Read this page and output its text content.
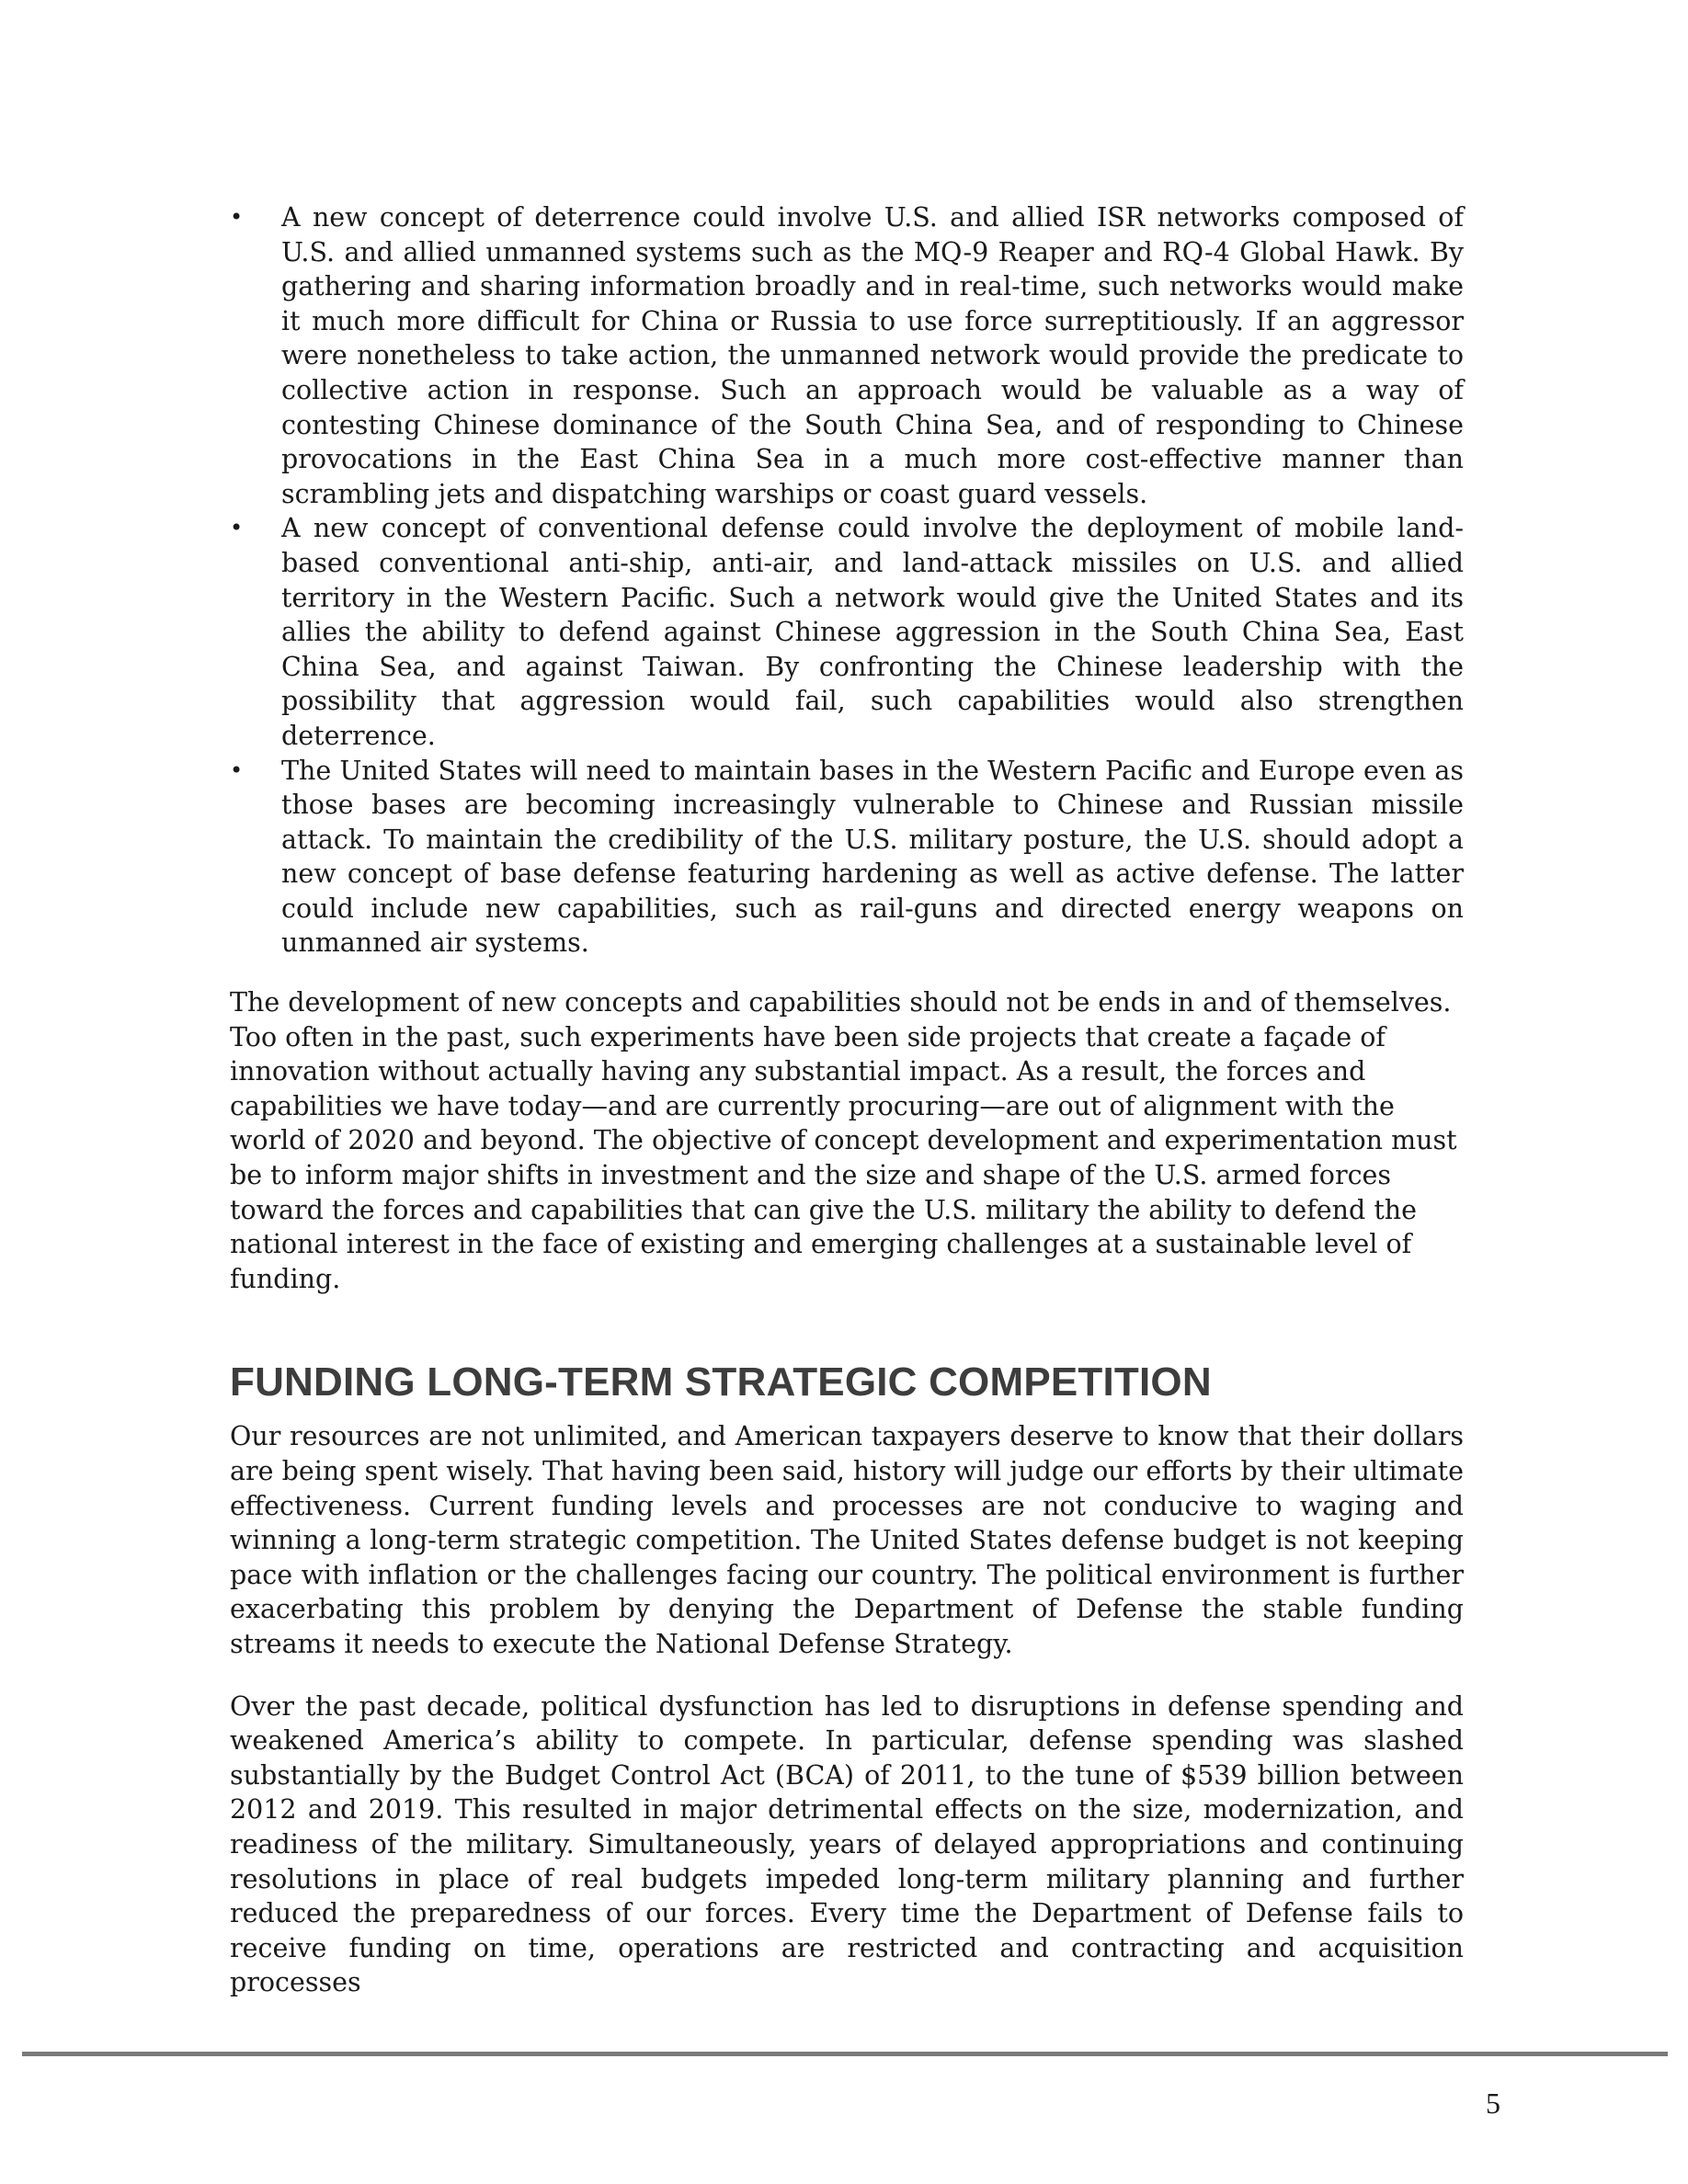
• A new concept of deterrence could involve U.S. and allied ISR networks composed of U.S. and allied unmanned systems such as the MQ-9 Reaper and RQ-4 Global Hawk. By gathering and sharing information broadly and in real-time, such networks would make it much more difficult for China or Russia to use force surreptitiously. If an aggressor were nonetheless to take action, the unmanned network would provide the predicate to collective action in response. Such an approach would be valuable as a way of contesting Chinese dominance of the South China Sea, and of responding to Chinese provocations in the East China Sea in a much more cost-effective manner than scrambling jets and dispatching warships or coast guard vessels.
• A new concept of conventional defense could involve the deployment of mobile land-based conventional anti-ship, anti-air, and land-attack missiles on U.S. and allied territory in the Western Pacific. Such a network would give the United States and its allies the ability to defend against Chinese aggression in the South China Sea, East China Sea, and against Taiwan. By confronting the Chinese leadership with the possibility that aggression would fail, such capabilities would also strengthen deterrence.
• The United States will need to maintain bases in the Western Pacific and Europe even as those bases are becoming increasingly vulnerable to Chinese and Russian missile attack. To maintain the credibility of the U.S. military posture, the U.S. should adopt a new concept of base defense featuring hardening as well as active defense. The latter could include new capabilities, such as rail-guns and directed energy weapons on unmanned air systems.

The development of new concepts and capabilities should not be ends in and of themselves. Too often in the past, such experiments have been side projects that create a façade of innovation without actually having any substantial impact. As a result, the forces and capabilities we have today—and are currently procuring—are out of alignment with the world of 2020 and beyond. The objective of concept development and experimentation must be to inform major shifts in investment and the size and shape of the U.S. armed forces toward the forces and capabilities that can give the U.S. military the ability to defend the national interest in the face of existing and emerging challenges at a sustainable level of funding.

FUNDING LONG-TERM STRATEGIC COMPETITION

Our resources are not unlimited, and American taxpayers deserve to know that their dollars are being spent wisely. That having been said, history will judge our efforts by their ultimate effectiveness. Current funding levels and processes are not conducive to waging and winning a long-term strategic competition. The United States defense budget is not keeping pace with inflation or the challenges facing our country. The political environment is further exacerbating this problem by denying the Department of Defense the stable funding streams it needs to execute the National Defense Strategy.

Over the past decade, political dysfunction has led to disruptions in defense spending and weakened America’s ability to compete. In particular, defense spending was slashed substantially by the Budget Control Act (BCA) of 2011, to the tune of $539 billion between 2012 and 2019. This resulted in major detrimental effects on the size, modernization, and readiness of the military. Simultaneously, years of delayed appropriations and continuing resolutions in place of real budgets impeded long-term military planning and further reduced the preparedness of our forces. Every time the Department of Defense fails to receive funding on time, operations are restricted and contracting and acquisition processes

5
